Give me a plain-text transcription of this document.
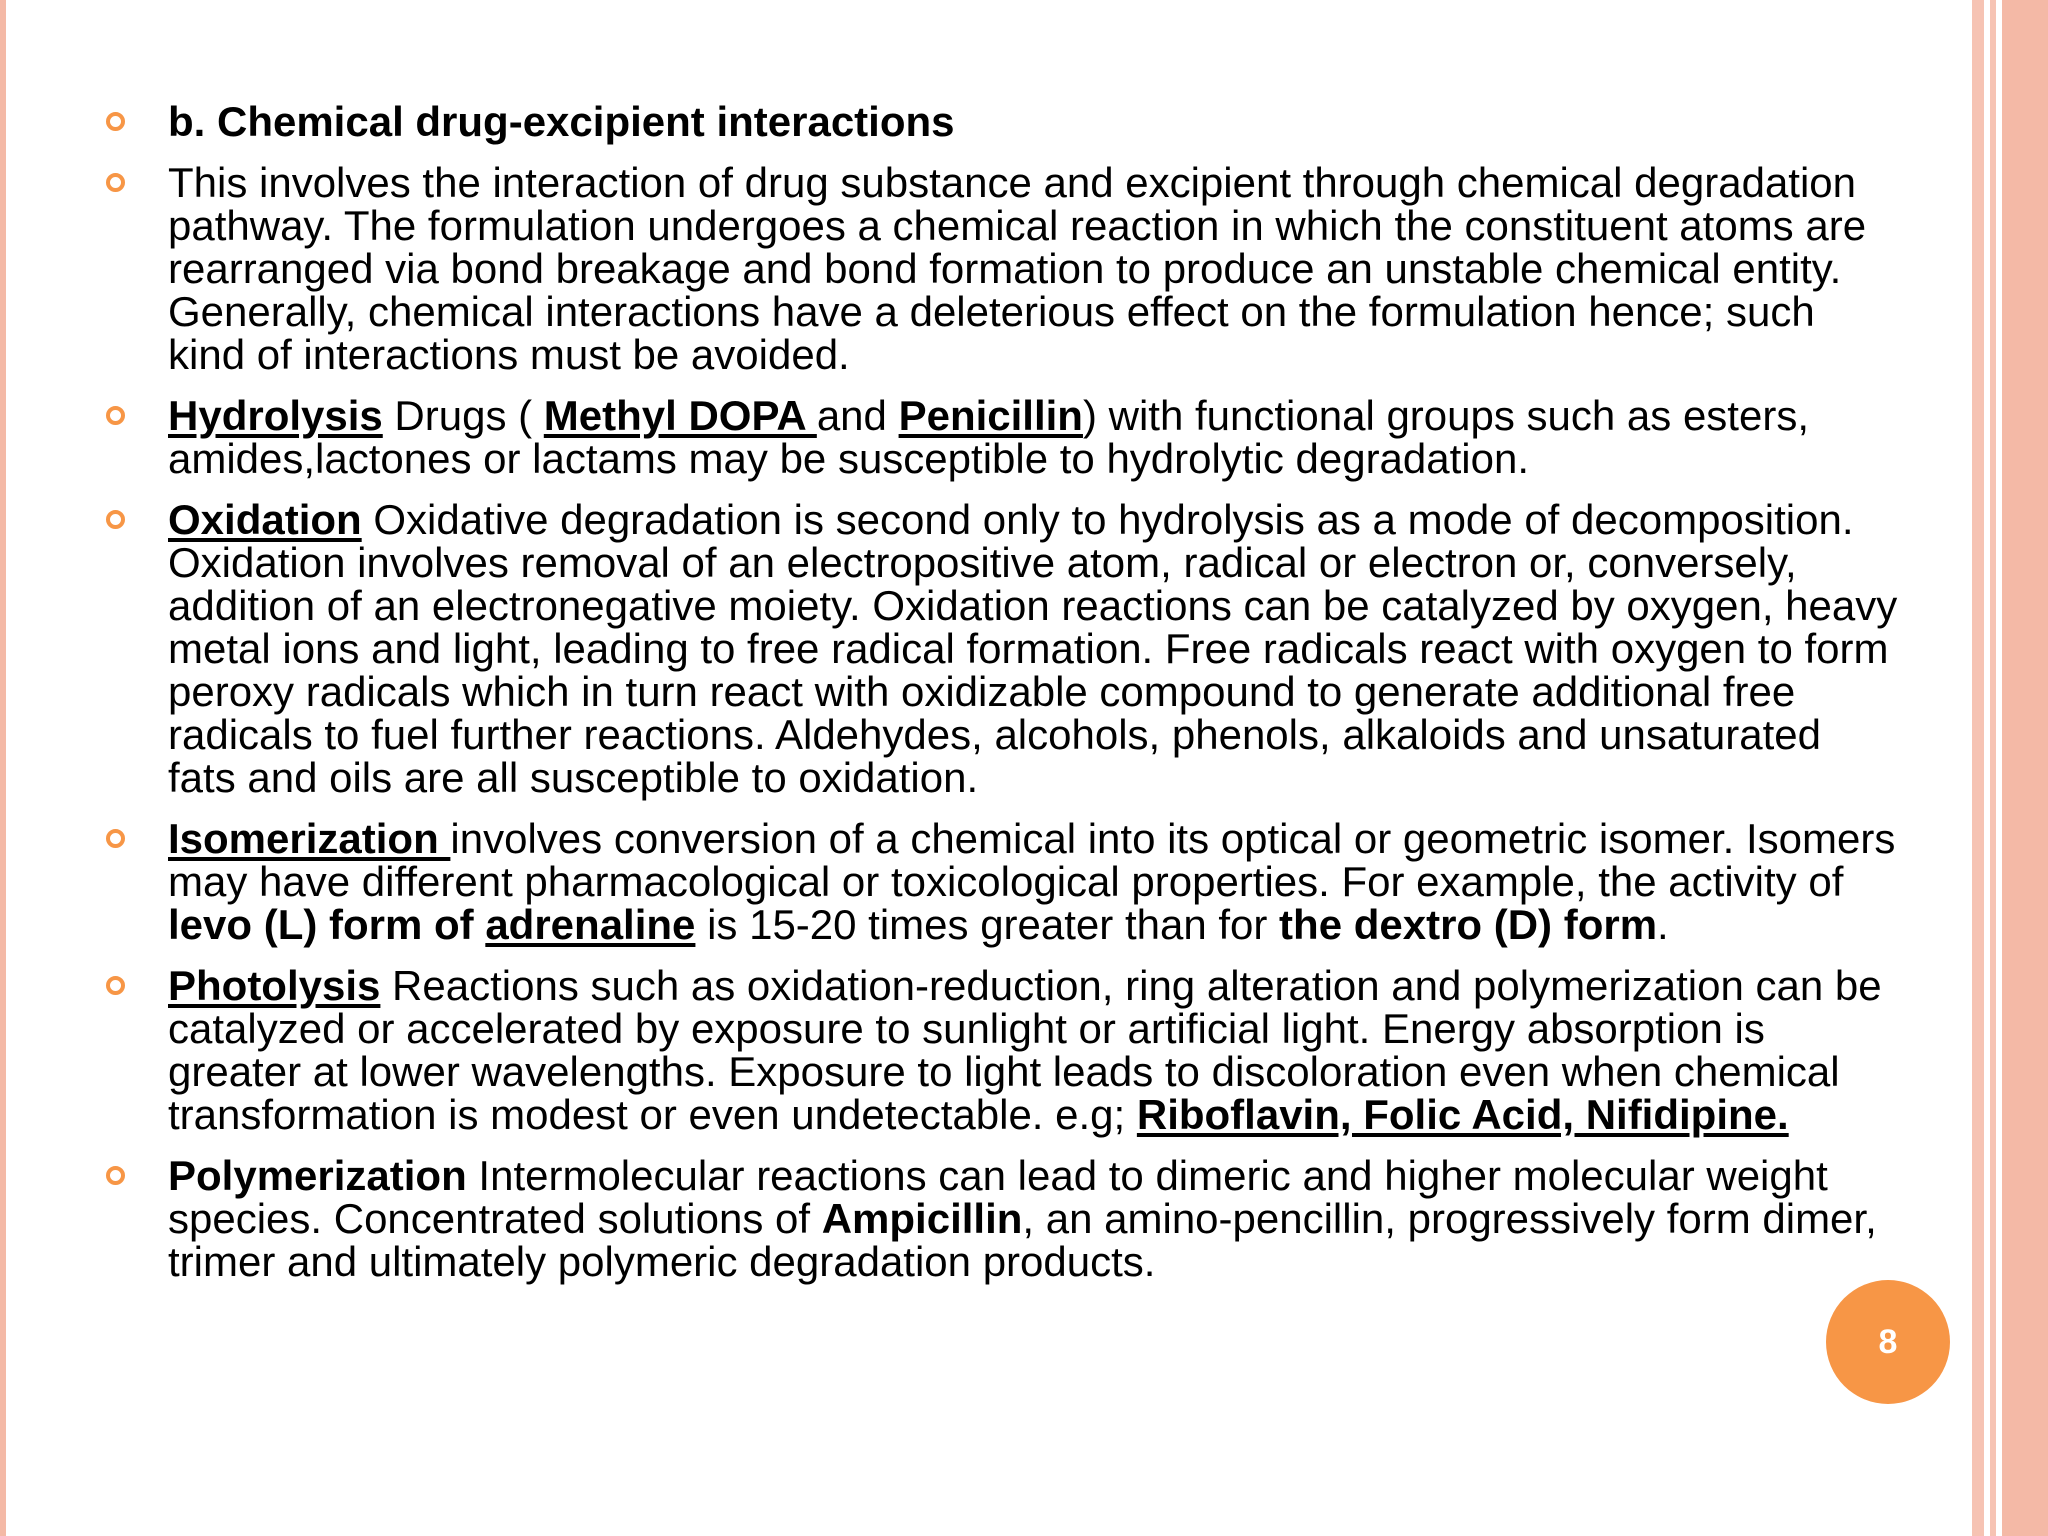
b. Chemical drug-excipient interactions
This involves the interaction of drug substance and excipient through chemical degradation pathway. The formulation undergoes a chemical reaction in which the constituent atoms are rearranged via bond breakage and bond formation to produce an unstable chemical entity. Generally, chemical interactions have a deleterious effect on the formulation hence; such kind of interactions must be avoided.
Hydrolysis Drugs ( Methyl DOPA and Penicillin) with functional groups such as esters, amides,lactones or lactams may be susceptible to hydrolytic degradation.
Oxidation Oxidative degradation is second only to hydrolysis as a mode of decomposition. Oxidation involves removal of an electropositive atom, radical or electron or, conversely, addition of an electronegative moiety. Oxidation reactions can be catalyzed by oxygen, heavy metal ions and light, leading to free radical formation. Free radicals react with oxygen to form peroxy radicals which in turn react with oxidizable compound to generate additional free radicals to fuel further reactions. Aldehydes, alcohols, phenols, alkaloids and unsaturated fats and oils are all susceptible to oxidation.
Isomerization involves conversion of a chemical into its optical or geometric isomer. Isomers may have different pharmacological or toxicological properties. For example, the activity of levo (L) form of adrenaline is 15-20 times greater than for the dextro (D) form.
Photolysis Reactions such as oxidation-reduction, ring alteration and polymerization can be catalyzed or accelerated by exposure to sunlight or artificial light. Energy absorption is greater at lower wavelengths. Exposure to light leads to discoloration even when chemical transformation is modest or even undetectable. e.g; Riboflavin, Folic Acid, Nifidipine.
Polymerization Intermolecular reactions can lead to dimeric and higher molecular weight species. Concentrated solutions of Ampicillin, an amino-pencillin, progressively form dimer, trimer and ultimately polymeric degradation products.
8
